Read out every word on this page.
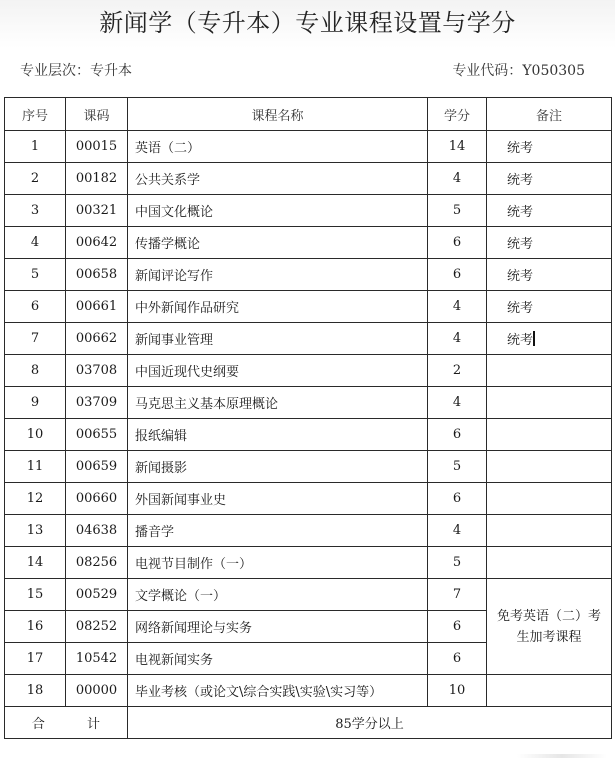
新闻学（专升本）专业课程设置与学分
专业层次：专升本	专业代码：Y050305
序号	课码	课程名称	学分	备注
1	00015	英语（二）	14	统考
2	00182	公共关系学	4	统考
3	00321	中国文化概论	5	统考
4	00642	传播学概论	6	统考
5	00658	新闻评论写作	6	统考
6	00661	中外新闻作品研究	4	统考
7	00662	新闻事业管理	4	统考
8	03708	中国近现代史纲要	2	
9	03709	马克思主义基本原理概论	4	
10	00655	报纸编辑	6	
11	00659	新闻摄影	5	
12	00660	外国新闻事业史	6	
13	04638	播音学	4	
14	08256	电视节目制作（一）	5	
15	00529	文学概论（一）	7	免考英语（二）考生加考课程
16	08252	网络新闻理论与实务	6	
17	10542	电视新闻实务	6	
18	00000	毕业考核（或论文\综合实践\实验\实习等）	10	
合 计		85学分以上		
